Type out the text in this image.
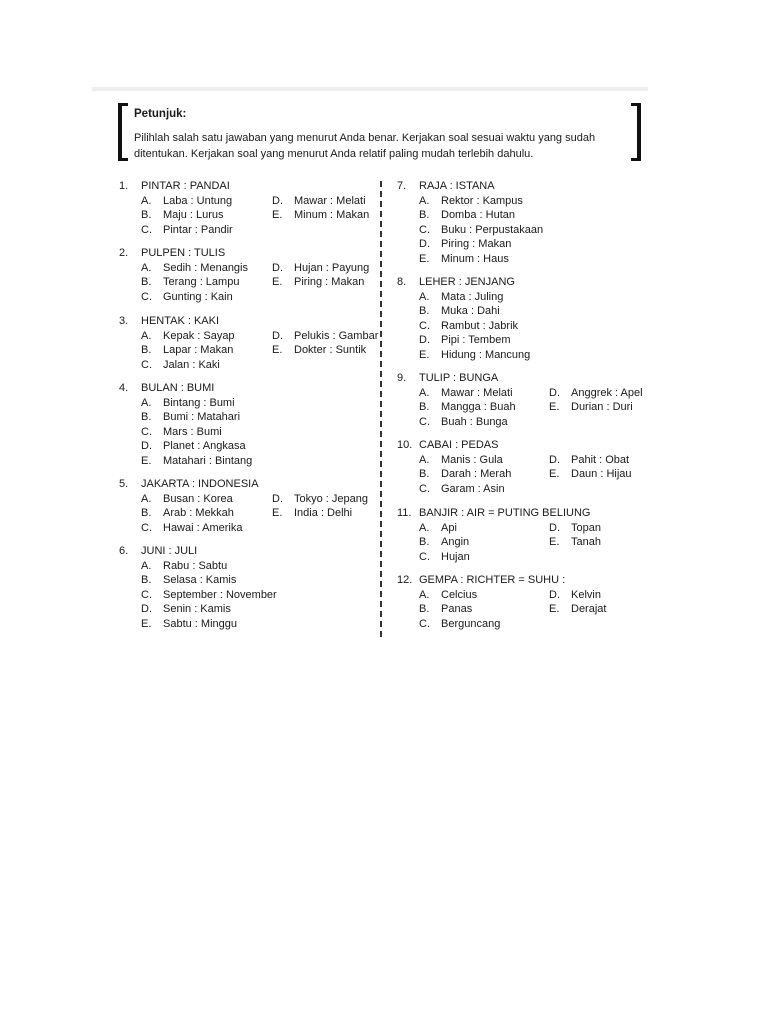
Petunjuk:
Pilihlah salah satu jawaban yang menurut Anda benar. Kerjakan soal sesuai waktu yang sudah ditentukan. Kerjakan soal yang menurut Anda relatif paling mudah terlebih dahulu.
1. PINTAR : PANDAI
A. Laba : Untung	D. Mawar : Melati
B. Maju : Lurus	E. Minum : Makan
C. Pintar : Pandir
2. PULPEN : TULIS
A. Sedih : Menangis D. Hujan : Payung
B. Terang : Lampu	E. Piring : Makan
C. Gunting : Kain
3. HENTAK : KAKI
A. Kepak : Sayap	D. Pelukis : Gambar
B. Lapar : Makan	E. Dokter : Suntik
C. Jalan : Kaki
4. BULAN : BUMI
A. Bintang : Bumi
B. Bumi : Matahari
C. Mars : Bumi
D. Planet : Angkasa
E. Matahari : Bintang
5. JAKARTA : INDONESIA
A. Busan : Korea	D. Tokyo : Jepang
B. Arab : Mekkah	E. India : Delhi
C. Hawai : Amerika
6. JUNI : JULI
A. Rabu : Sabtu
B. Selasa : Kamis
C. September : November
D. Senin : Kamis
E. Sabtu : Minggu
7. RAJA : ISTANA
A. Rektor : Kampus
B. Domba : Hutan
C. Buku : Perpustakaan
D. Piring : Makan
E. Minum : Haus
8. LEHER : JENJANG
A. Mata : Juling
B. Muka : Dahi
C. Rambut : Jabrik
D. Pipi : Tembem
E. Hidung : Mancung
9. TULIP : BUNGA
A. Mawar : Melati	D. Anggrek : Apel
B. Mangga : Buah	E. Durian : Duri
C. Buah : Bunga
10. CABAI : PEDAS
A. Manis : Gula	D. Pahit : Obat
B. Darah : Merah	E. Daun : Hijau
C. Garam : Asin
11. BANJIR : AIR = PUTING BELIUNG
A. Api	D. Topan
B. Angin	E. Tanah
C. Hujan
12. GEMPA : RICHTER = SUHU :
A. Celcius	D. Kelvin
B. Panas	E. Derajat
C. Berguncang
